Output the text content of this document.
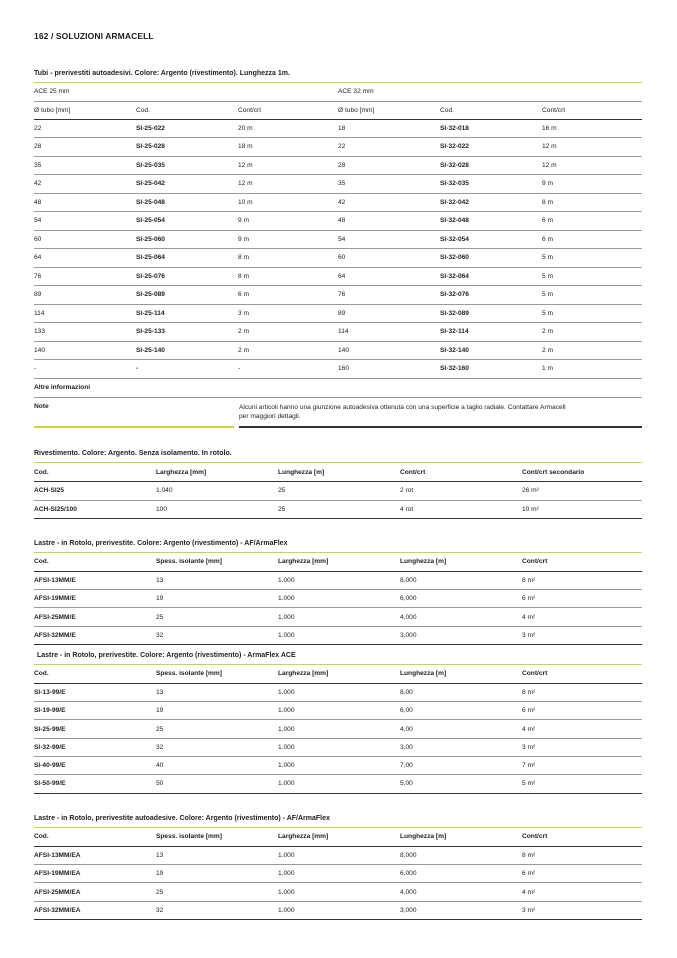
162 / SOLUZIONI ARMACELL
Tubi - prerivestiti autoadesivi. Colore: Argento (rivestimento). Lunghezza 1m.
ACE 25 mm			ACE 32 mm		
Ø tubo [mm]	Cod.	Cont/crt	Ø tubo [mm]	Cod.	Cont/crt
22	SI-25-022	20 m	18	SI-32-018	16 m
28	SI-25-028	18 m	22	SI-32-022	12 m
35	SI-25-035	12 m	28	SI-32-028	12 m
42	SI-25-042	12 m	35	SI-32-035	9 m
48	SI-25-048	10 m	42	SI-32-042	8 m
54	SI-25-054	9 m	48	SI-32-048	6 m
60	SI-25-060	9 m	54	SI-32-054	6 m
64	SI-25-064	8 m	60	SI-32-060	5 m
76	SI-25-076	8 m	64	SI-32-064	5 m
89	SI-25-089	6 m	76	SI-32-076	5 m
114	SI-25-114	3 m	89	SI-32-089	5 m
133	SI-25-133	2 m	114	SI-32-114	2 m
140	SI-25-140	2 m	140	SI-32-140	2 m
-	-	-	160	SI-32-160	1 m
Altre informazioni					
Note	Alcuni articoli hanno una giunzione autoadesiva ottenuta con una superficie a taglio radiale. Contattare Armacell
per maggiori dettagli.
Rivestimento. Colore: Argento. Senza isolamento. In rotolo.
Cod.	Larghezza [mm]	Lunghezza [m]	Cont/crt	Cont/crt secondario
ACH-SI25	1.040	25	2 rot	26 m²
ACH-SI25/100	100	25	4 rot	10 m²
Lastre - in Rotolo, prerivestite. Colore: Argento (rivestimento) - AF/ArmaFlex
Cod.	Spess. isolante [mm]	Larghezza [mm]	Lunghezza [m]	Cont/crt
AFSI-13MM/E	13	1.000	8,000	8 m²
AFSI-19MM/E	19	1.000	6,000	6 m²
AFSI-25MM/E	25	1.000	4,000	4 m²
AFSI-32MM/E	32	1.000	3,000	3 m²
Lastre - in Rotolo, prerivestite. Colore: Argento (rivestimento) - ArmaFlex ACE
Cod.	Spess. isolante [mm]	Larghezza [mm]	Lunghezza [m]	Cont/crt
SI-13-99/E	13	1.000	8,00	8 m²
SI-19-99/E	19	1.000	6,00	6 m²
SI-25-99/E	25	1.000	4,00	4 m²
SI-32-99/E	32	1.000	3,00	3 m²
SI-40-99/E	40	1.000	7,00	7 m²
SI-50-99/E	50	1.000	5,00	5 m²
Lastre - in Rotolo, prerivestite autoadesive. Colore: Argento (rivestimento) - AF/ArmaFlex
Cod.	Spess. isolante [mm]	Larghezza [mm]	Lunghezza [m]	Cont/crt
AFSI-13MM/EA	13	1.000	8,000	8 m²
AFSI-19MM/EA	19	1.000	6,000	6 m²
AFSI-25MM/EA	25	1.000	4,000	4 m²
AFSI-32MM/EA	32	1.000	3,000	3 m²
